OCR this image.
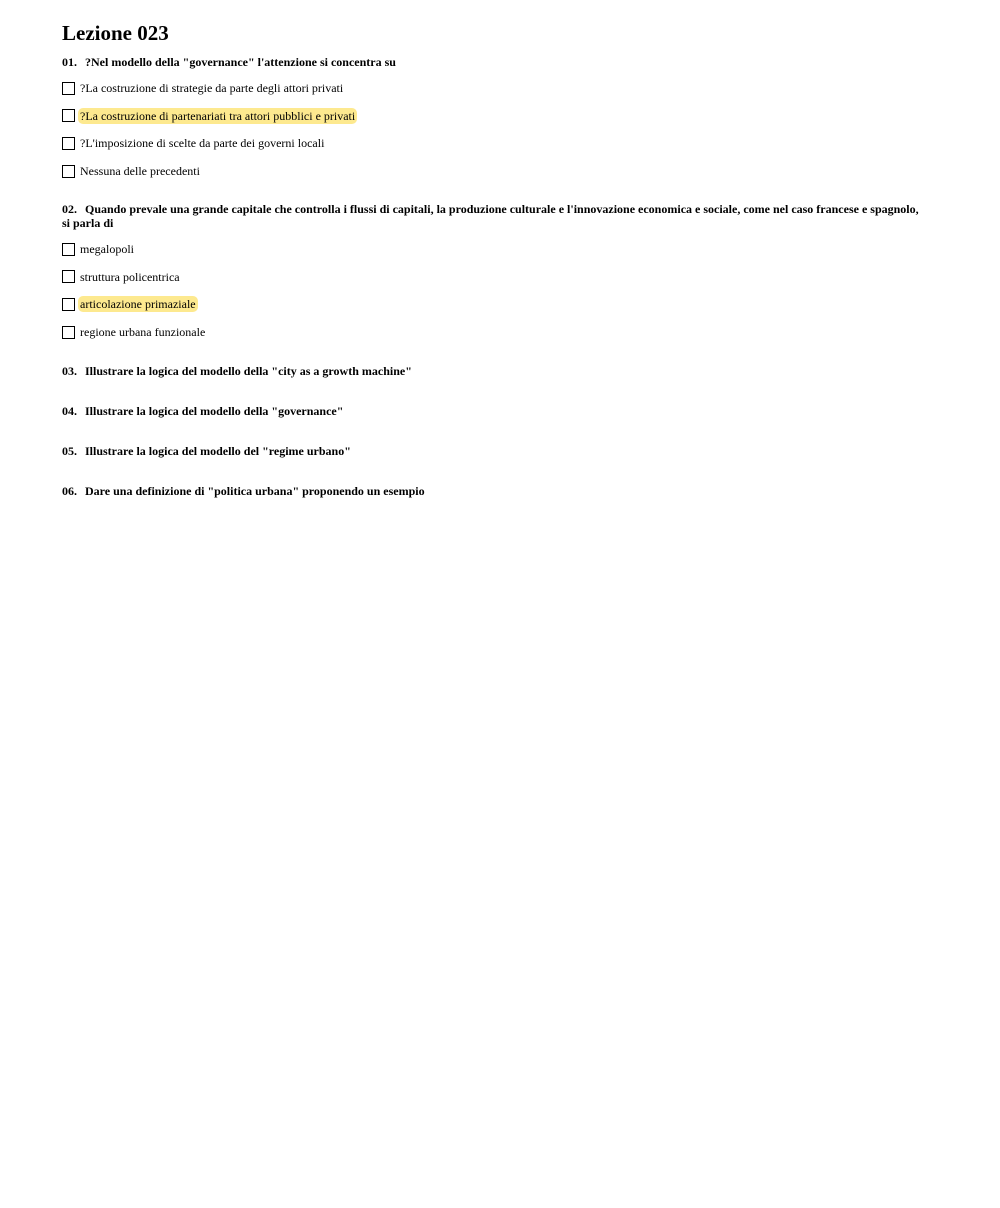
Lezione 023

01. ?Nel modello della "governance" l'attenzione si concentra su

?La costruzione di strategie da parte degli attori privati
?La costruzione di partenariati tra attori pubblici e privati
?L'imposizione di scelte da parte dei governi locali
Nessuna delle precedenti

02. Quando prevale una grande capitale che controlla i flussi di capitali, la produzione culturale e l'innovazione economica e sociale, come nel caso francese e spagnolo, si parla di

megalopoli
struttura policentrica
articolazione primaziale
regione urbana funzionale

03. Illustrare la logica del modello della "city as a growth machine"

04. Illustrare la logica del modello della "governance"

05. Illustrare la logica del modello del "regime urbano"

06. Dare una definizione di "politica urbana" proponendo un esempio
